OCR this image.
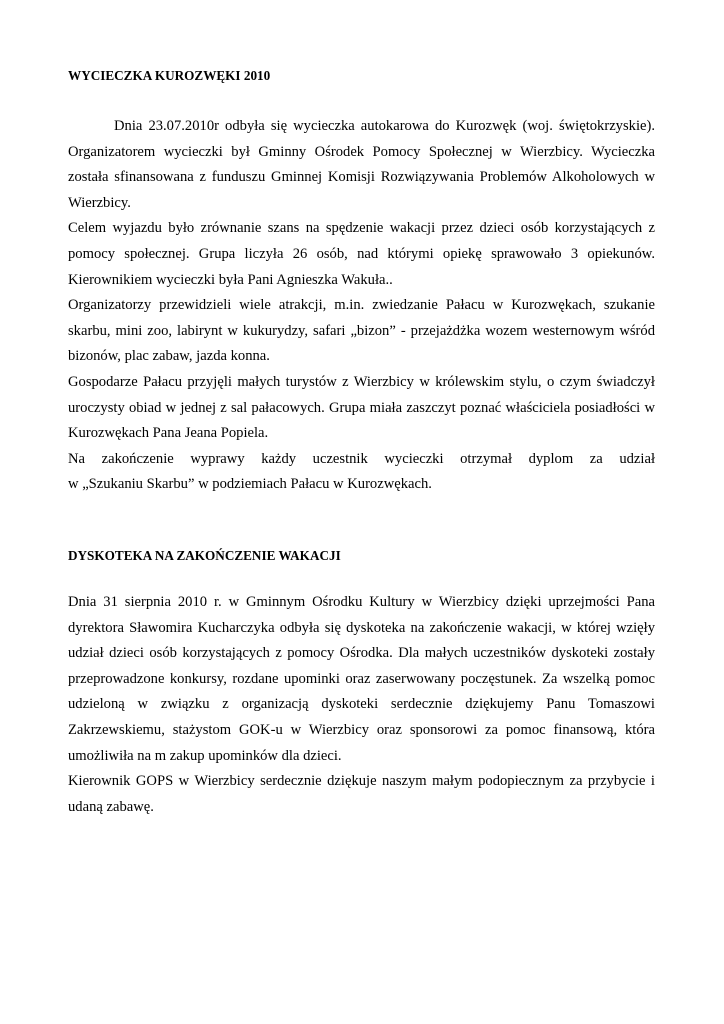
WYCIECZKA KUROZWĘKI 2010

Dnia 23.07.2010r odbyła się wycieczka autokarowa do Kurozwęk (woj. świętokrzyskie). Organizatorem wycieczki był Gminny Ośrodek Pomocy Społecznej w Wierzbicy. Wycieczka została sfinansowana z funduszu Gminnej Komisji Rozwiązywania Problemów Alkoholowych w Wierzbicy.

Celem wyjazdu było zrównanie szans na spędzenie wakacji przez dzieci osób korzystających z pomocy społecznej. Grupa liczyła 26 osób, nad którymi opiekę sprawowało 3 opiekunów. Kierownikiem wycieczki była Pani Agnieszka Wakuła..

Organizatorzy przewidzieli wiele atrakcji, m.in. zwiedzanie Pałacu w Kurozwękach, szukanie skarbu, mini zoo, labirynt w kukurydzy, safari „bizon” - przejażdżka wozem westernowym wśród bizonów, plac zabaw, jazda konna.

Gospodarze Pałacu przyjęli małych turystów z Wierzbicy w królewskim stylu, o czym świadczył uroczysty obiad w jednej z sal pałacowych. Grupa miała zaszczyt poznać właściciela posiadłości w Kurozwękach Pana Jeana Popiela.

Na zakończenie wyprawy każdy uczestnik wycieczki otrzymał dyplom za udział

w „Szukaniu Skarbu” w podziemiach Pałacu w Kurozwękach.

DYSKOTEKA NA ZAKOŃCZENIE WAKACJI

Dnia 31 sierpnia 2010 r. w Gminnym Ośrodku Kultury w Wierzbicy dzięki uprzejmości Pana dyrektora Sławomira Kucharczyka odbyła się dyskoteka na zakończenie wakacji, w której wzięły udział dzieci osób korzystających z pomocy Ośrodka. Dla małych uczestników dyskoteki zostały przeprowadzone konkursy, rozdane upominki oraz zaserwowany poczęstunek. Za wszelką pomoc udzieloną w związku z organizacją dyskoteki serdecznie dziękujemy Panu Tomaszowi Zakrzewskiemu, stażystom GOK-u w Wierzbicy oraz sponsorowi za pomoc finansową, która umożliwiła na m zakup upominków dla dzieci.

Kierownik GOPS w Wierzbicy serdecznie dziękuje naszym małym podopiecznym za przybycie i udaną zabawę.
